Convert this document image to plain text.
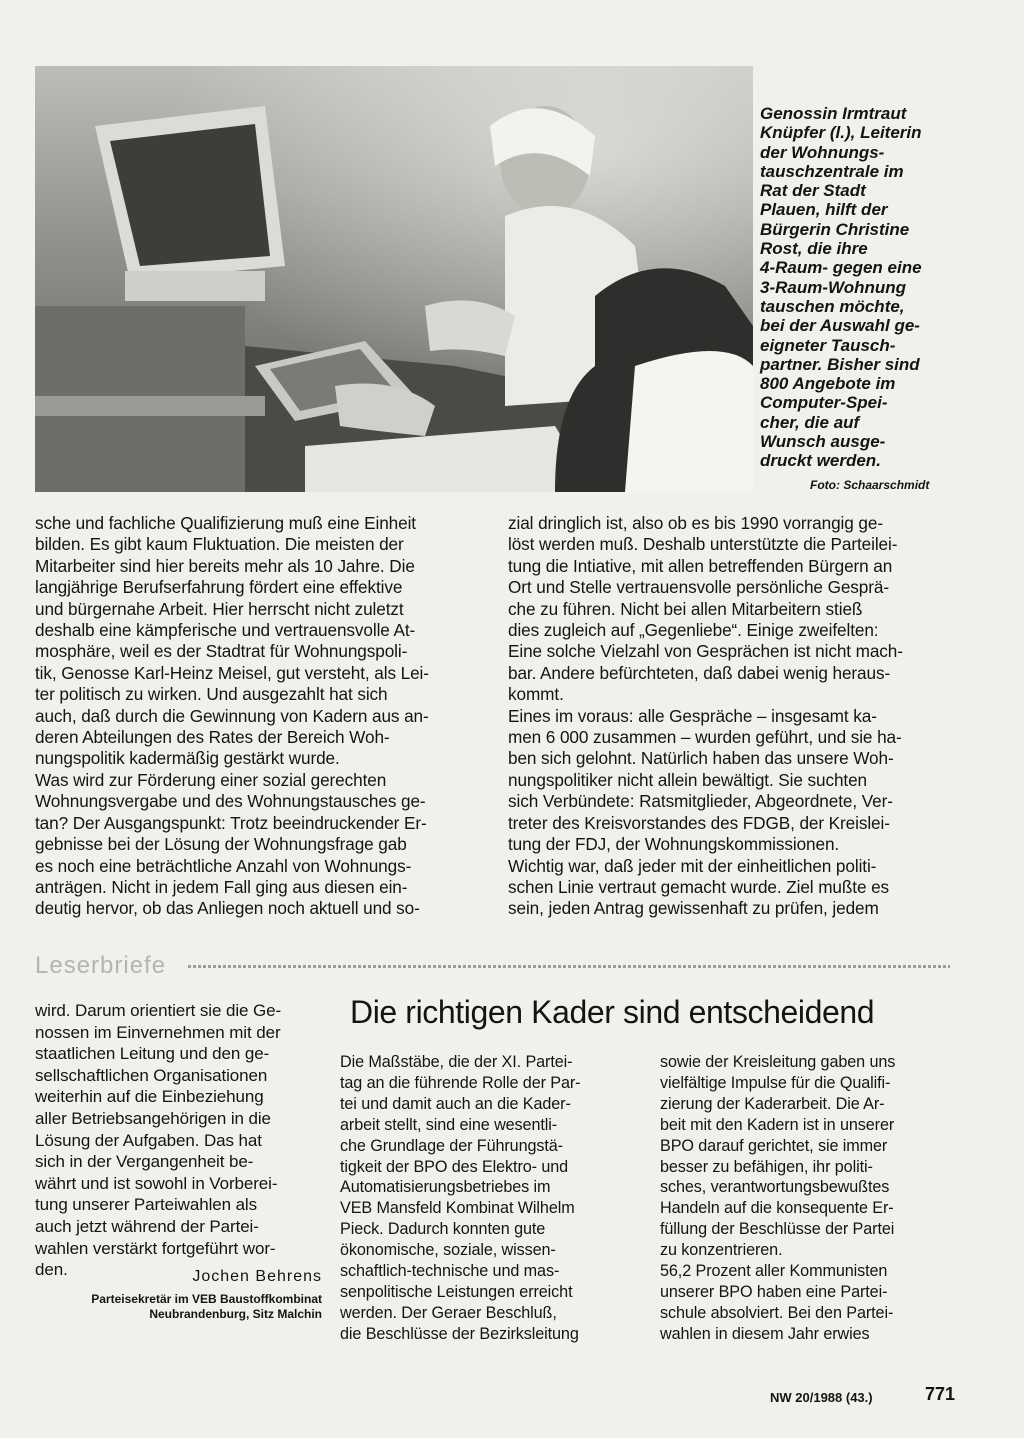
Genossin Irmtraut
Knüpfer (l.), Leiterin
der Wohnungs-
tauschzentrale im
Rat der Stadt
Plauen, hilft der
Bürgerin Christine
Rost, die ihre
4-Raum- gegen eine
3-Raum-Wohnung
tauschen möchte,
bei der Auswahl ge-
eigneter Tausch-
partner. Bisher sind
800 Angebote im
Computer-Spei-
cher, die auf
Wunsch ausge-
druckt werden.
Foto: Schaarschmidt
sche und fachliche Qualifizierung muß eine Einheit
bilden. Es gibt kaum Fluktuation. Die meisten der
Mitarbeiter sind hier bereits mehr als 10 Jahre. Die
langjährige Berufserfahrung fördert eine effektive
und bürgernahe Arbeit. Hier herrscht nicht zuletzt
deshalb eine kämpferische und vertrauensvolle At-
mosphäre, weil es der Stadtrat für Wohnungspoli-
tik, Genosse Karl-Heinz Meisel, gut versteht, als Lei-
ter politisch zu wirken. Und ausgezahlt hat sich
auch, daß durch die Gewinnung von Kadern aus an-
deren Abteilungen des Rates der Bereich Woh-
nungspolitik kadermäßig gestärkt wurde.
Was wird zur Förderung einer sozial gerechten
Wohnungsvergabe und des Wohnungstausches ge-
tan? Der Ausgangspunkt: Trotz beeindruckender Er-
gebnisse bei der Lösung der Wohnungsfrage gab
es noch eine beträchtliche Anzahl von Wohnungs-
anträgen. Nicht in jedem Fall ging aus diesen ein-
deutig hervor, ob das Anliegen noch aktuell und so-
zial dringlich ist, also ob es bis 1990 vorrangig ge-
löst werden muß. Deshalb unterstützte die Parteilei-
tung die Intiative, mit allen betreffenden Bürgern an
Ort und Stelle vertrauensvolle persönliche Gesprä-
che zu führen. Nicht bei allen Mitarbeitern stieß
dies zugleich auf „Gegenliebe“. Einige zweifelten:
Eine solche Vielzahl von Gesprächen ist nicht mach-
bar. Andere befürchteten, daß dabei wenig heraus-
kommt.
Eines im voraus: alle Gespräche – insgesamt ka-
men 6 000 zusammen – wurden geführt, und sie ha-
ben sich gelohnt. Natürlich haben das unsere Woh-
nungspolitiker nicht allein bewältigt. Sie suchten
sich Verbündete: Ratsmitglieder, Abgeordnete, Ver-
treter des Kreisvorstandes des FDGB, der Kreislei-
tung der FDJ, der Wohnungskommissionen.
Wichtig war, daß jeder mit der einheitlichen politi-
schen Linie vertraut gemacht wurde. Ziel mußte es
sein, jeden Antrag gewissenhaft zu prüfen, jedem
Leserbriefe
wird. Darum orientiert sie die Ge-
nossen im Einvernehmen mit der
staatlichen Leitung und den ge-
sellschaftlichen Organisationen
weiterhin auf die Einbeziehung
aller Betriebsangehörigen in die
Lösung der Aufgaben. Das hat
sich in der Vergangenheit be-
währt und ist sowohl in Vorberei-
tung unserer Parteiwahlen als
auch jetzt während der Partei-
wahlen verstärkt fortgeführt wor-
den.	Jochen Behrens
Parteisekretär im VEB Baustoffkombinat
Neubrandenburg, Sitz Malchin
Die richtigen Kader sind entscheidend
Die Maßstäbe, die der XI. Partei-
tag an die führende Rolle der Par-
tei und damit auch an die Kader-
arbeit stellt, sind eine wesentli-
che Grundlage der Führungstä-
tigkeit der BPO des Elektro- und
Automatisierungsbetriebes im
VEB Mansfeld Kombinat Wilhelm
Pieck. Dadurch konnten gute
ökonomische, soziale, wissen-
schaftlich-technische und mas-
senpolitische Leistungen erreicht
werden. Der Geraer Beschluß,
die Beschlüsse der Bezirksleitung
sowie der Kreisleitung gaben uns
vielfältige Impulse für die Qualifi-
zierung der Kaderarbeit. Die Ar-
beit mit den Kadern ist in unserer
BPO darauf gerichtet, sie immer
besser zu befähigen, ihr politi-
sches, verantwortungsbewußtes
Handeln auf die konsequente Er-
füllung der Beschlüsse der Partei
zu konzentrieren.
56,2 Prozent aller Kommunisten
unserer BPO haben eine Partei-
schule absolviert. Bei den Partei-
wahlen in diesem Jahr erwies
NW 20/1988 (43.)	771
